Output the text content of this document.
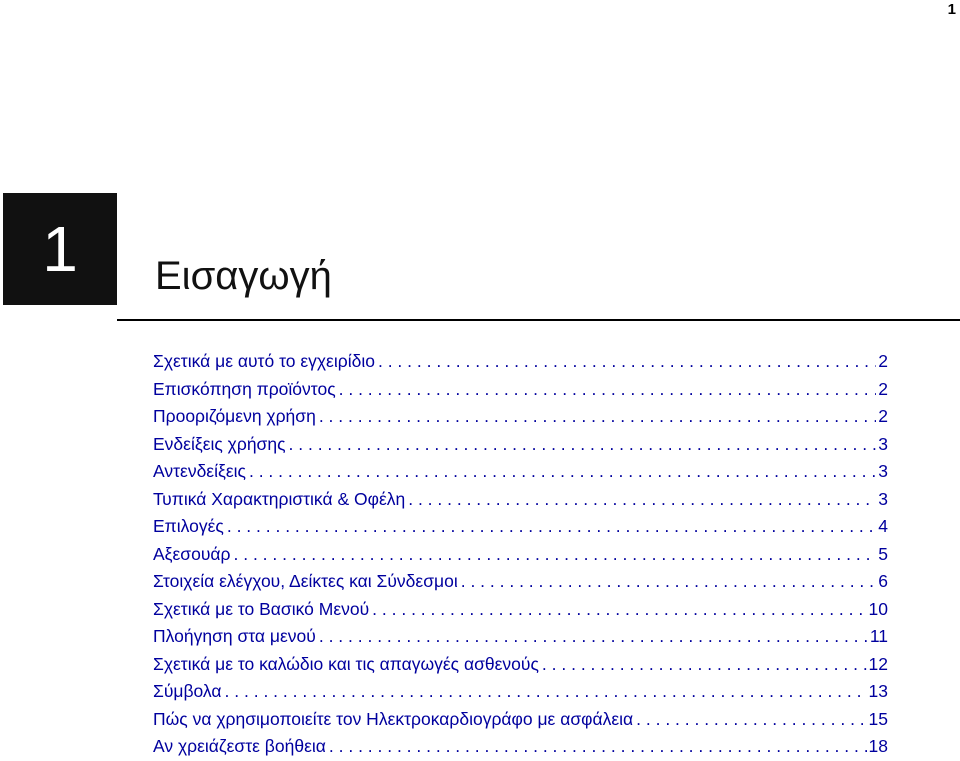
1
1 Εισαγωγή
Σχετικά με αυτό το εγχειρίδιο . . .	2
Επισκόπηση προϊόντος . . .	2
Προοριζόμενη χρήση . . .	2
Ενδείξεις χρήσης . . .	3
Αντενδείξεις . . .	3
Τυπικά Χαρακτηριστικά & Οφέλη . . .	3
Επιλογές . . .	4
Αξεσουάρ . . .	5
Στοιχεία ελέγχου, Δείκτες και Σύνδεσμοι . . .	6
Σχετικά με το Βασικό Μενού . . .	10
Πλοήγηση στα μενού . . .	11
Σχετικά με το καλώδιο και τις απαγωγές ασθενούς . . .	12
Σύμβολα . . .	13
Πώς να χρησιμοποιείτε τον Ηλεκτροκαρδιογράφο με ασφάλεια . . .	15
Αν χρειάζεστε βοήθεια . . .	18
